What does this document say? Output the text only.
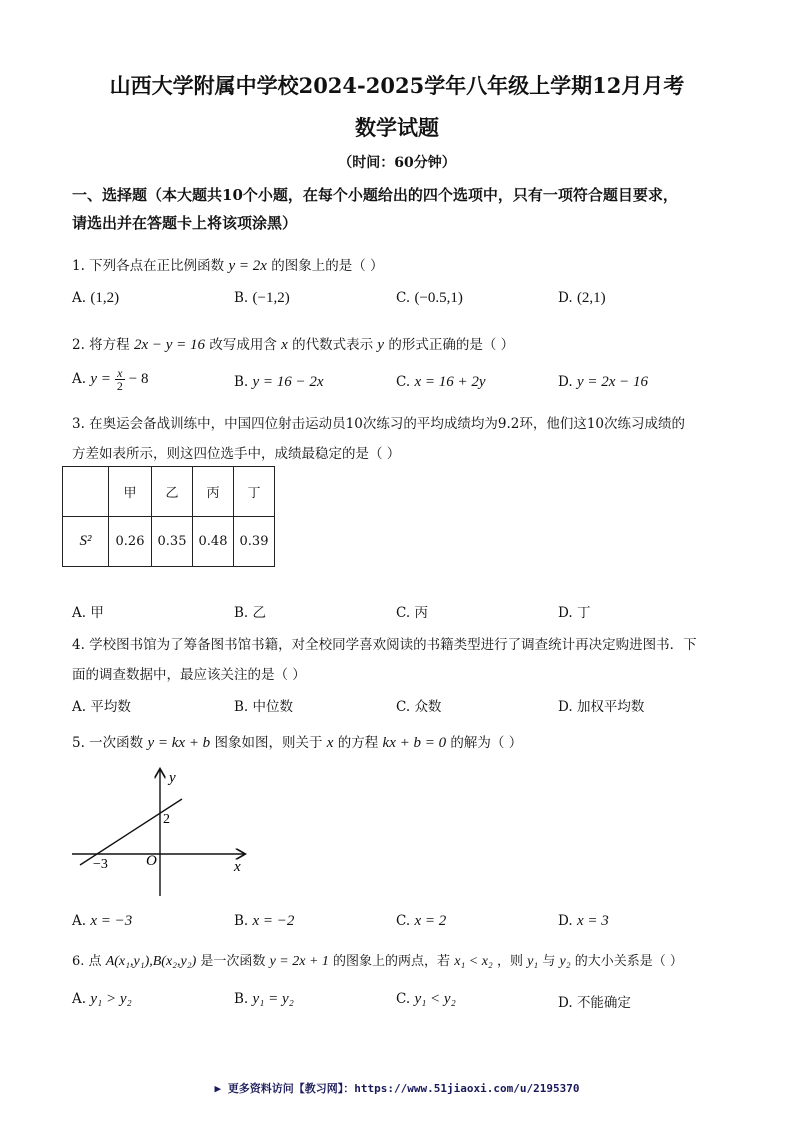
山西大学附属中学校2024-2025学年八年级上学期12月月考
数学试题
（时间：60分钟）
一、选择题（本大题共10个小题，在每个小题给出的四个选项中，只有一项符合题目要求，
请选出并在答题卡上将该项涂黑）
1. 下列各点在正比例函数 y = 2x 的图象上的是（ ）
A. (1,2)	B. (−1,2)	C. (−0.5,1)	D. (2,1)
2. 将方程 2x − y = 16 改写成用含 x 的代数式表示 y 的形式正确的是（ ）
A. $y = \frac{x}{2} - 8$	B. y = 16 − 2x	C. x = 16 + 2y	D. y = 2x − 16
3. 在奥运会备战训练中，中国四位射击运动员10次练习的平均成绩均为9.2环，他们这10次练习成绩的
方差如表所示，则这四位选手中，成绩最稳定的是（ ）
	甲	乙	丙	丁
S²	0.26	0.35	0.48	0.39
A. 甲	B. 乙	C. 丙	D. 丁
4. 学校图书馆为了筹备图书馆书籍，对全校同学喜欢阅读的书籍类型进行了调查统计再决定购进图书．下
面的调查数据中，最应该关注的是（ ）
A. 平均数	B. 中位数	C. 众数	D. 加权平均数
5. 一次函数 y = kx + b 图象如图，则关于 x 的方程 kx + b = 0 的解为（ ）
y
x
O
−3
2
A. x = −3	B. x = −2	C. x = 2	D. x = 3
6. 点 A(x₁,y₁),B(x₂,y₂) 是一次函数 y = 2x + 1 的图象上的两点，若 x₁ < x₂ ，则 y₁ 与 y₂ 的大小关系是（ ）
A. y₁ > y₂	B. y₁ = y₂	C. y₁ < y₂	D. 不能确定
▶ 更多资料访问【教习网】：https://www.51jiaoxi.com/u/2195370
